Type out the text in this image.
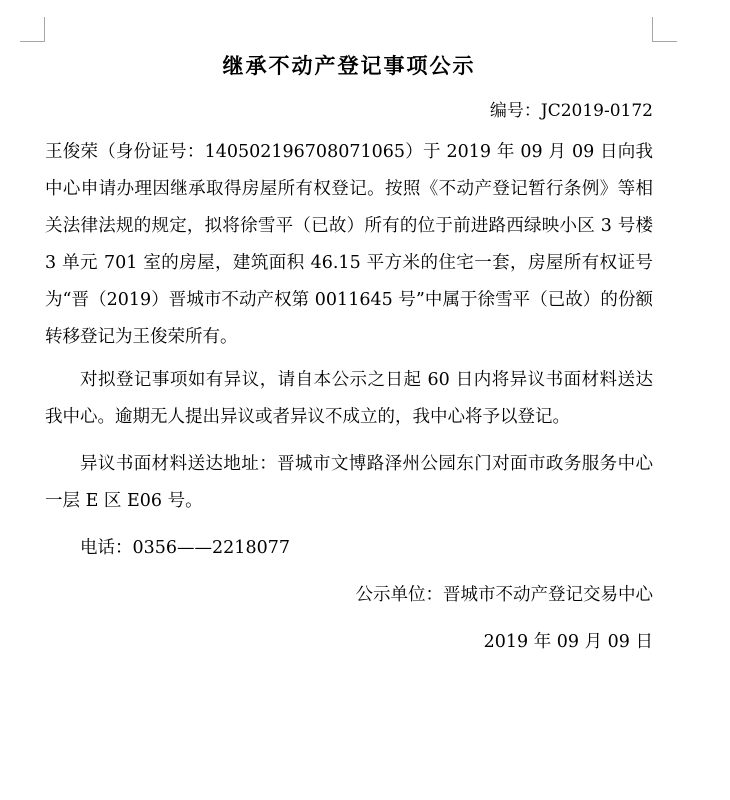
继承不动产登记事项公示
编号：JC2019-0172

王俊荣（身份证号：140502196708071065）于 2019 年 09 月 09 日向我中心申请办理因继承取得房屋所有权登记。按照《不动产登记暂行条例》等相关法律法规的规定，拟将徐雪平（已故）所有的位于前进路西绿映小区 3 号楼 3 单元 701 室的房屋，建筑面积 46.15 平方米的住宅一套，房屋所有权证号为“晋（2019）晋城市不动产权第 0011645 号”中属于徐雪平（已故）的份额转移登记为王俊荣所有。

对拟登记事项如有异议，请自本公示之日起 60 日内将异议书面材料送达我中心。逾期无人提出异议或者异议不成立的，我中心将予以登记。

异议书面材料送达地址：晋城市文博路泽州公园东门对面市政务服务中心一层 E 区 E06 号。

电话：0356——2218077

公示单位：晋城市不动产登记交易中心
2019 年 09 月 09 日
